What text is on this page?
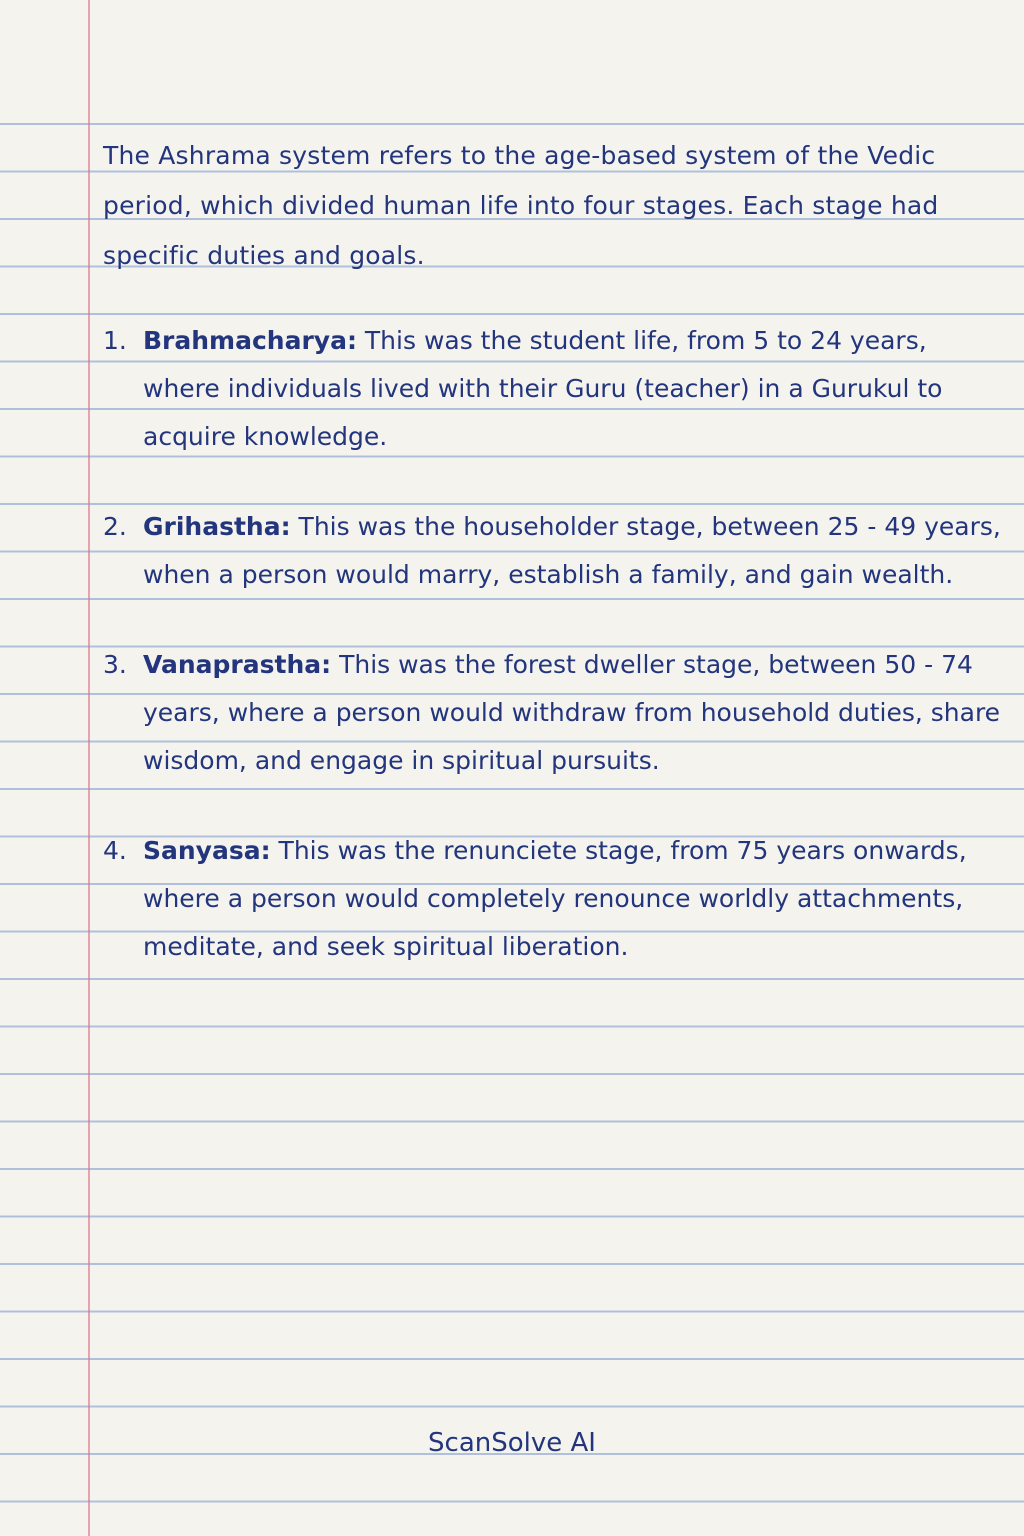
The Ashrama system refers to the age-based system of the Vedic period, which divided human life into four stages. Each stage had specific duties and goals.

1. Brahmacharya: This was the student life, from 5 to 24 years, where individuals lived with their Guru (teacher) in a Gurukul to acquire knowledge.
2. Grihastha: This was the householder stage, between 25 - 49 years, when a person would marry, establish a family, and gain wealth.
3. Vanaprastha: This was the forest dweller stage, between 50 - 74 years, where a person would withdraw from household duties, share wisdom, and engage in spiritual pursuits.
4. Sanyasa: This was the renunciete stage, from 75 years onwards, where a person would completely renounce worldly attachments, meditate, and seek spiritual liberation.
ScanSolve AI
